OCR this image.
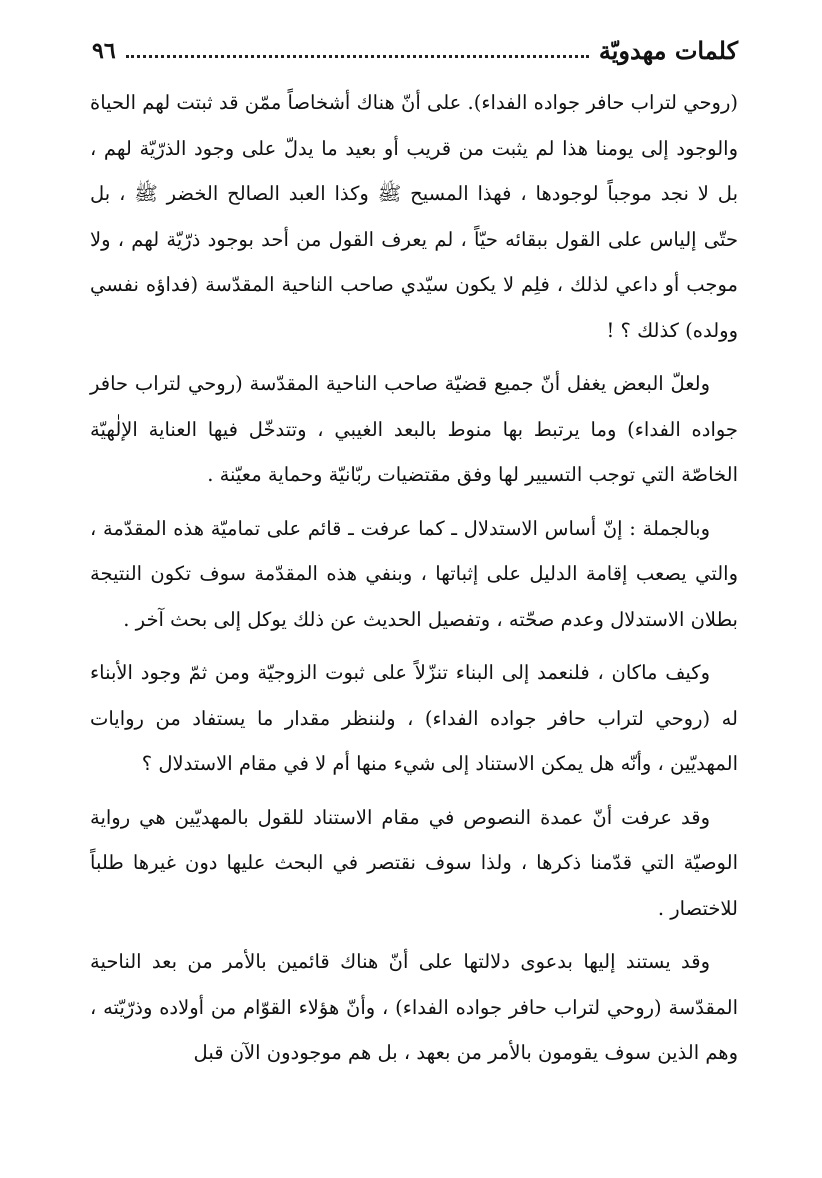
٩٦	كلمات مهدويّة

(روحي لتراب حافر جواده الفداء). على أنّ هناك أشخاصاً ممّن قد ثبتت لهم الحياة والوجود إلى يومنا هذا لم يثبت من قريب أو بعيد ما يدلّ على وجود الذرّيّة لهم ، بل لا نجد موجباً لوجودها ، فهذا المسيح ﷺ وكذا العبد الصالح الخضر ﷺ ، بل حتّى إلياس على القول ببقائه حيّاً ، لم يعرف القول من أحد بوجود ذرّيّة لهم ، ولا موجب أو داعي لذلك ، فلِم لا يكون سيّدي صاحب الناحية المقدّسة (فداؤه نفسي وولده) كذلك ؟ !

ولعلّ البعض يغفل أنّ جميع قضيّة صاحب الناحية المقدّسة (روحي لتراب حافر جواده الفداء) وما يرتبط بها منوط بالبعد الغيبي ، وتتدخّل فيها العناية الإلٰهيّة الخاصّة التي توجب التسيير لها وفق مقتضيات ربّانيّة وحماية معيّنة .

وبالجملة : إنّ أساس الاستدلال ـ كما عرفت ـ قائم على تماميّة هذه المقدّمة ، والتي يصعب إقامة الدليل على إثباتها ، وبنفي هذه المقدّمة سوف تكون النتيجة بطلان الاستدلال وعدم صحّته ، وتفصيل الحديث عن ذلك يوكل إلى بحث آخر .

وكيف ماكان ، فلنعمد إلى البناء تنزّلاً على ثبوت الزوجيّة ومن ثمّ وجود الأبناء له (روحي لتراب حافر جواده الفداء) ، ولننظر مقدار ما يستفاد من روايات المهديّين ، وأنّه هل يمكن الاستناد إلى شيء منها أم لا في مقام الاستدلال ؟

وقد عرفت أنّ عمدة النصوص في مقام الاستناد للقول بالمهديّين هي رواية الوصيّة التي قدّمنا ذكرها ، ولذا سوف نقتصر في البحث عليها دون غيرها طلباً للاختصار .

وقد يستند إليها بدعوى دلالتها على أنّ هناك قائمين بالأمر من بعد الناحية المقدّسة (روحي لتراب حافر جواده الفداء) ، وأنّ هؤلاء القوّام من أولاده وذرّيّته ، وهم الذين سوف يقومون بالأمر من بعهد ، بل هم موجودون الآن قبل
